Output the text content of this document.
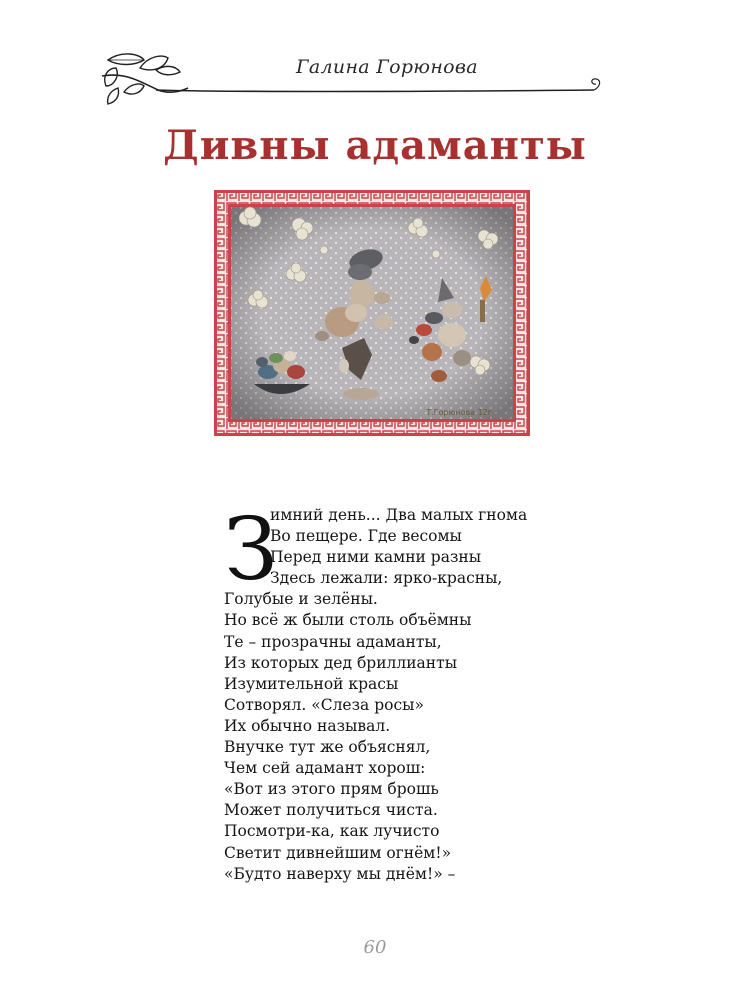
Галина Горюнова
Дивны адаманты
Т.Горюнова 12г
З
имний день... Два малых гнома
Во пещере. Где весомы
Перед ними камни разны
Здесь лежали: ярко-красны,
Голубые и зелёны.
Но всё ж были столь объёмны
Те – прозрачны адаманты,
Из которых дед бриллианты
Изумительной красы
Сотворял. «Слеза росы»
Их обычно называл.
Внучке тут же объяснял,
Чем сей адамант хорош:
«Вот из этого прям брошь
Может получиться чиста.
Посмотри-ка, как лучисто
Светит дивнейшим огнём!»
«Будто наверху мы днём!» –
60
